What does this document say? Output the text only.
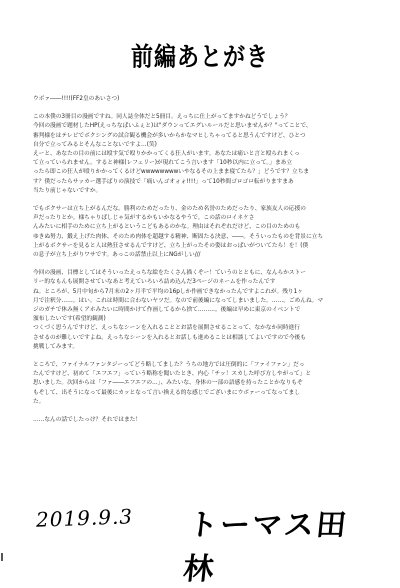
前編あとがき

ウボァ――!!!!(FF2皇のあいさつ)

この本僕の3冊目の漫画ですね。同人誌全体だと5冊目。えっちに仕上がってますかねどうでしょう？
今回の漫画で題材したHP(えっちなぱいふぇと)は"ダウンってエグいルールだと思いませんか？"ってことで、
審判様をはテレビでボクシングの試合観る機会が多いからかなマヒしちゃってると思うんですけど、ひとつ
自分で立ってみるとそんなことないですよ…(笑)
えーと、あなたの目の前には殴す気で殴りかかってくる狂人がいます。あなたは痛いと言と殴られまくっ
て立っていられません。すると神様(レフェリー)が現れてこう言います「10秒以内に立って。」まあ立
ったら即この狂人が殴りかかってくるけどwwwwwwwwいやなるその上まま寝てたら？」どうです？立ちま
す？僕だったらサッカー選手ばりの演技で「痛いんゴオォォ!!!!」って10秒間ゴロゴロ転がりますまあ
当たり前じゃないですか。

でもボクサーは立ち上がるんだな。勝利のためだったり、金のため名誉のためだったり、家族友人の応援の
声だったりとか。様ちゃりばしじゃ気がするかもいかなるやうで。この話のロイネケさ
んみたいに相手のために立ち上がるというこどもあるのかな。理由はそれぞれだけど、この目のためのも
ゆきぬ努力、鍛え上げた肉体、そのため肉体を超越する精神、断固たる決意、――。そういったものを背景に立ち
上がるボクサーを見ると人は熱狂させるんですけど、立ち上がったその姿はおっぱいがついてたら！を！(僕
の息子が立ち上がりワサです。あっこの話禁止以上にNGがしい///

今回の漫画、目標としてはそういったえっちな絵をたくさん描くぞー！ていうのとともに、なんらかストー
リー的なもんも展開させていなあと考えていろいろ詰め込んだ3ページのネームを作ったんです
ね。ところが、5月中旬から7月末の2ヶ月半で平均の16pしか作画できなかったんですよこれが。残り1ヶ
月で注釈分……。はい。これは時間に合わないヤツだ。なので前後編になってしまいました。……。ごめんね。マ
ジのガチで休み無くアホみたいに時間かけて作画してるから捨て………。後編は早めに東京のイベントで
頒布したいです(希望的観測)
つくづく思うんですけど、えっちなシーンを入れることとお話を展開させることって、なかなか同時進行
させるのが難しいですよね。えっちなシーンを入れるとお話しも進めることは相談してよいですので今後も
挑戦してみます。

ところで、ファイナルファンタジーってどう略してました？うちの地方では圧倒的に「ファイファン」だっ
たんですけど、初めて「エフエフ」っていう略称を聞いたとき、内心「チッ！スカした呼び方しやがって」と
思いました。次回からは「ファ――エフエフの…」、みたいな、身体の一部の語感を持ったことかなりもぞ
もぞして、出そうになって最後にカッとなって言い換える的な感じでございまにウボァーってなってまし
た。

……なんの話でしたっけ？それではまた！

2019.9.3 トーマス田林
